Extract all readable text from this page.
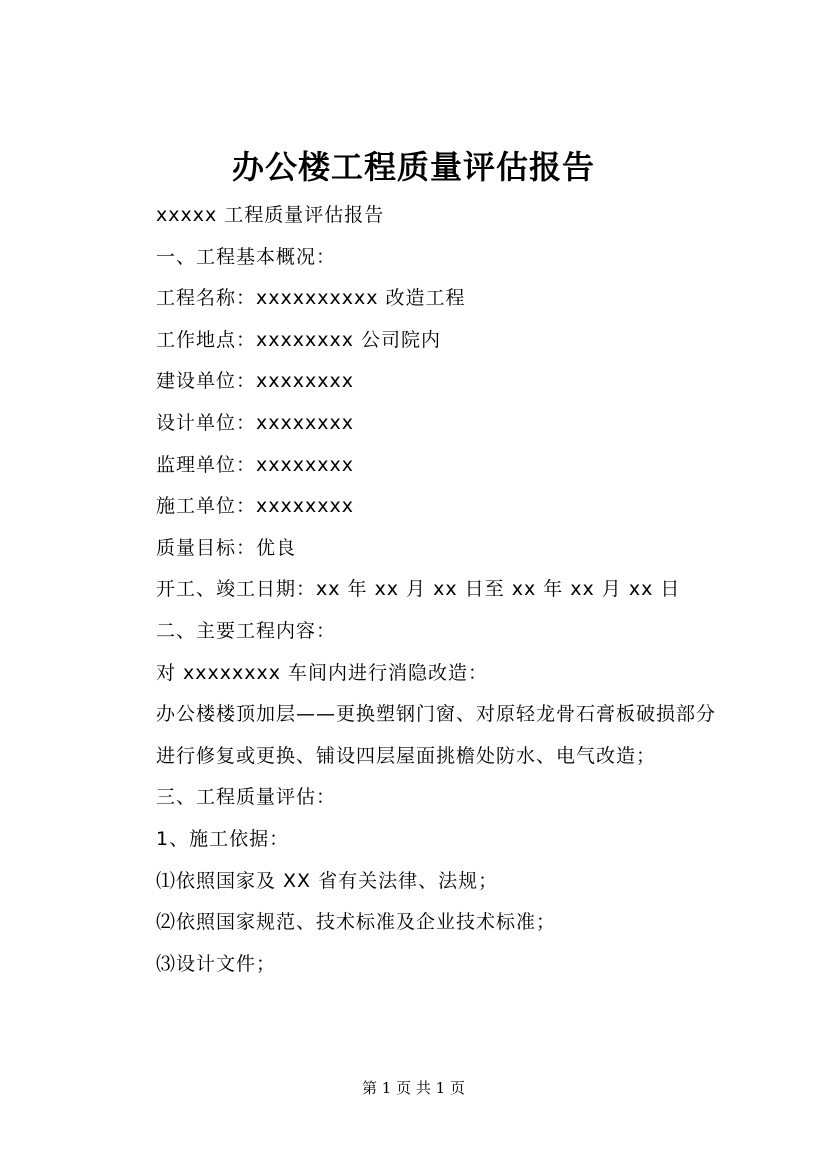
办公楼工程质量评估报告

xxxxx 工程质量评估报告

一、工程基本概况：

工程名称：xxxxxxxxxx 改造工程

工作地点：xxxxxxxx 公司院内

建设单位：xxxxxxxx

设计单位：xxxxxxxx

监理单位：xxxxxxxx

施工单位：xxxxxxxx

质量目标：优良

开工、竣工日期：xx 年 xx 月 xx 日至 xx 年 xx 月 xx 日

二、主要工程内容：

对 xxxxxxxx 车间内进行消隐改造：

办公楼楼顶加层——更换塑钢门窗、对原轻龙骨石膏板破损部分

进行修复或更换、铺设四层屋面挑檐处防水、电气改造；

三、工程质量评估：

1、施工依据：

⑴依照国家及 XX 省有关法律、法规；

⑵依照国家规范、技术标准及企业技术标准；

⑶设计文件；

第 1 页 共 1 页
